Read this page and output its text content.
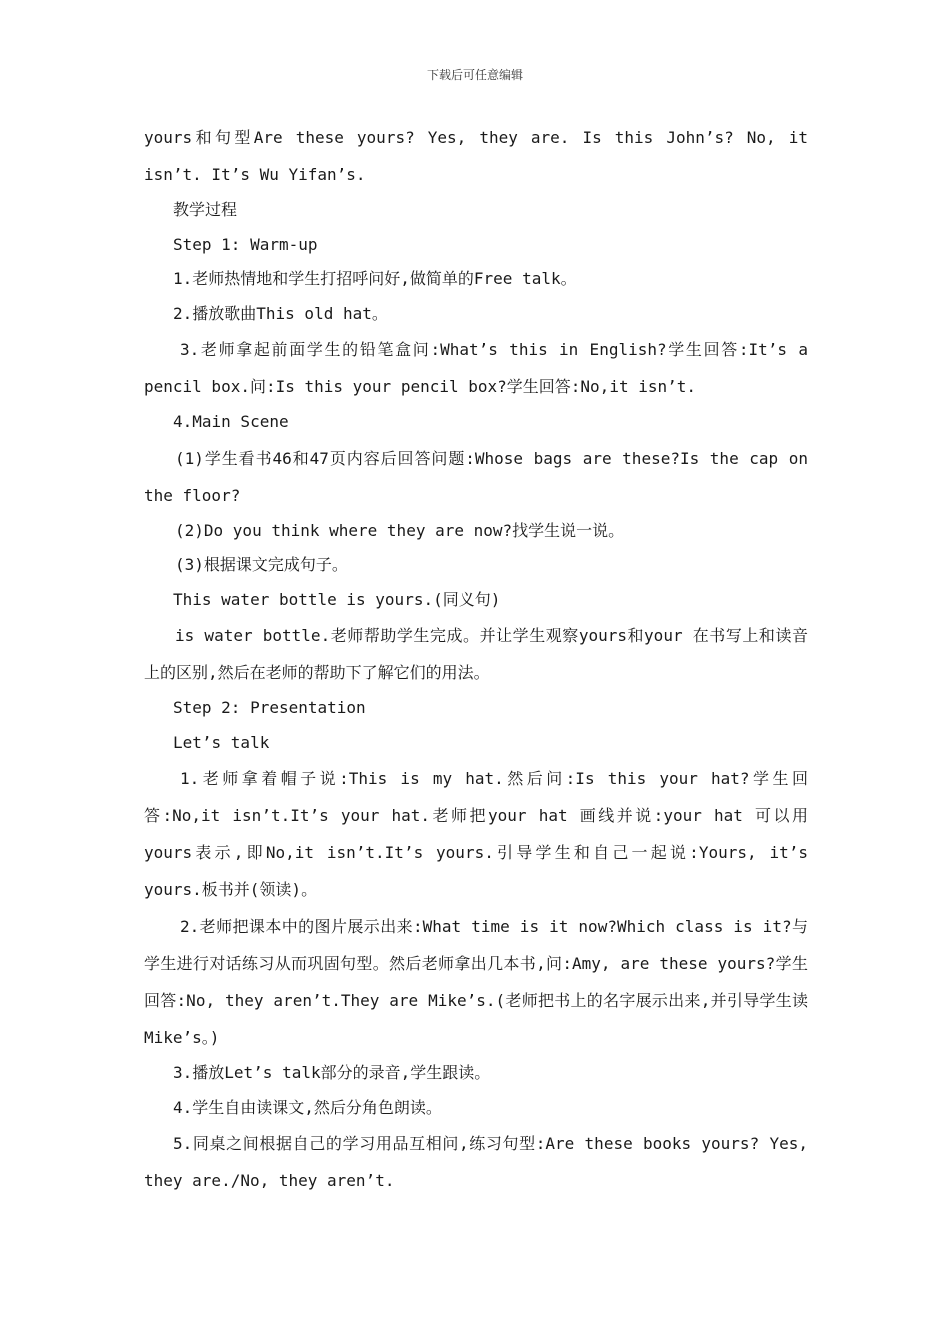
下载后可任意编辑

yours和句型Are these yours? Yes, they are. Is this John’s? No, it isn’t. It’s Wu Yifan’s.

教学过程

Step 1: Warm-up

1.老师热情地和学生打招呼问好,做简单的Free talk。

2.播放歌曲This old hat。

3.老师拿起前面学生的铅笔盒问:What’s this in English?学生回答:It’s a pencil box.问:Is this your pencil box?学生回答:No,it isn’t.

4.Main Scene

(1)学生看书46和47页内容后回答问题:Whose bags are these?Is the cap on the floor?

(2)Do you think where they are now?找学生说一说。

(3)根据课文完成句子。

This water bottle is yours.(同义句)

is water bottle.老师帮助学生完成。并让学生观察yours和your 在书写上和读音上的区别,然后在老师的帮助下了解它们的用法。

Step 2: Presentation

Let’s talk

1.老师拿着帽子说:This is my hat.然后问:Is this your hat?学生回答:No,it isn’t.It’s your hat.老师把your hat 画线并说:your hat 可以用yours表示,即No,it isn’t.It’s yours.引导学生和自己一起说:Yours, it’s yours.板书并(领读)。

2.老师把课本中的图片展示出来:What time is it now?Which class is it?与学生进行对话练习从而巩固句型。然后老师拿出几本书,问:Amy, are these yours?学生回答:No, they aren’t.They are Mike’s.(老师把书上的名字展示出来,并引导学生读Mike’s。)

3.播放Let’s talk部分的录音,学生跟读。

4.学生自由读课文,然后分角色朗读。

5.同桌之间根据自己的学习用品互相问,练习句型:Are these books yours? Yes, they are./No, they aren’t.
